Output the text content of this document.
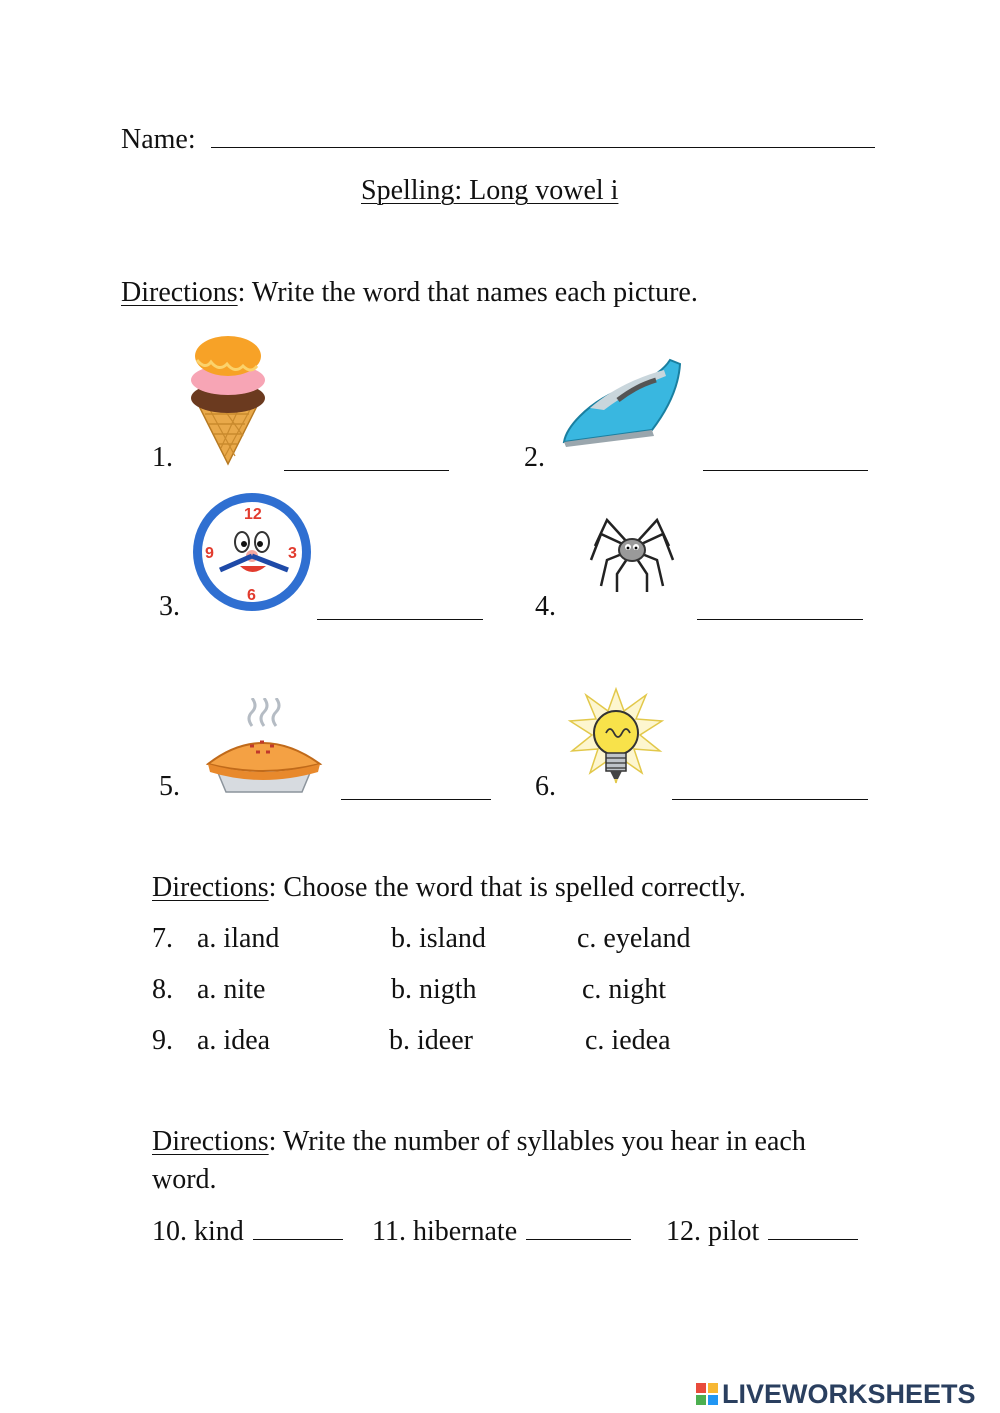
Name:
Spelling: Long vowel i
Directions: Write the word that names each picture.
1.	2.
12
3
6
9
3.	4.
5.	6.
Directions: Choose the word that is spelled correctly.
7. a. iland	b. island	c. eyeland
8. a. nite	b. nigth	c. night
9. a. idea	b. ideer	c. iedea
Directions: Write the number of syllables you hear in each
word.
10. kind	11. hibernate	12. pilot
LIVEWORKSHEETS
